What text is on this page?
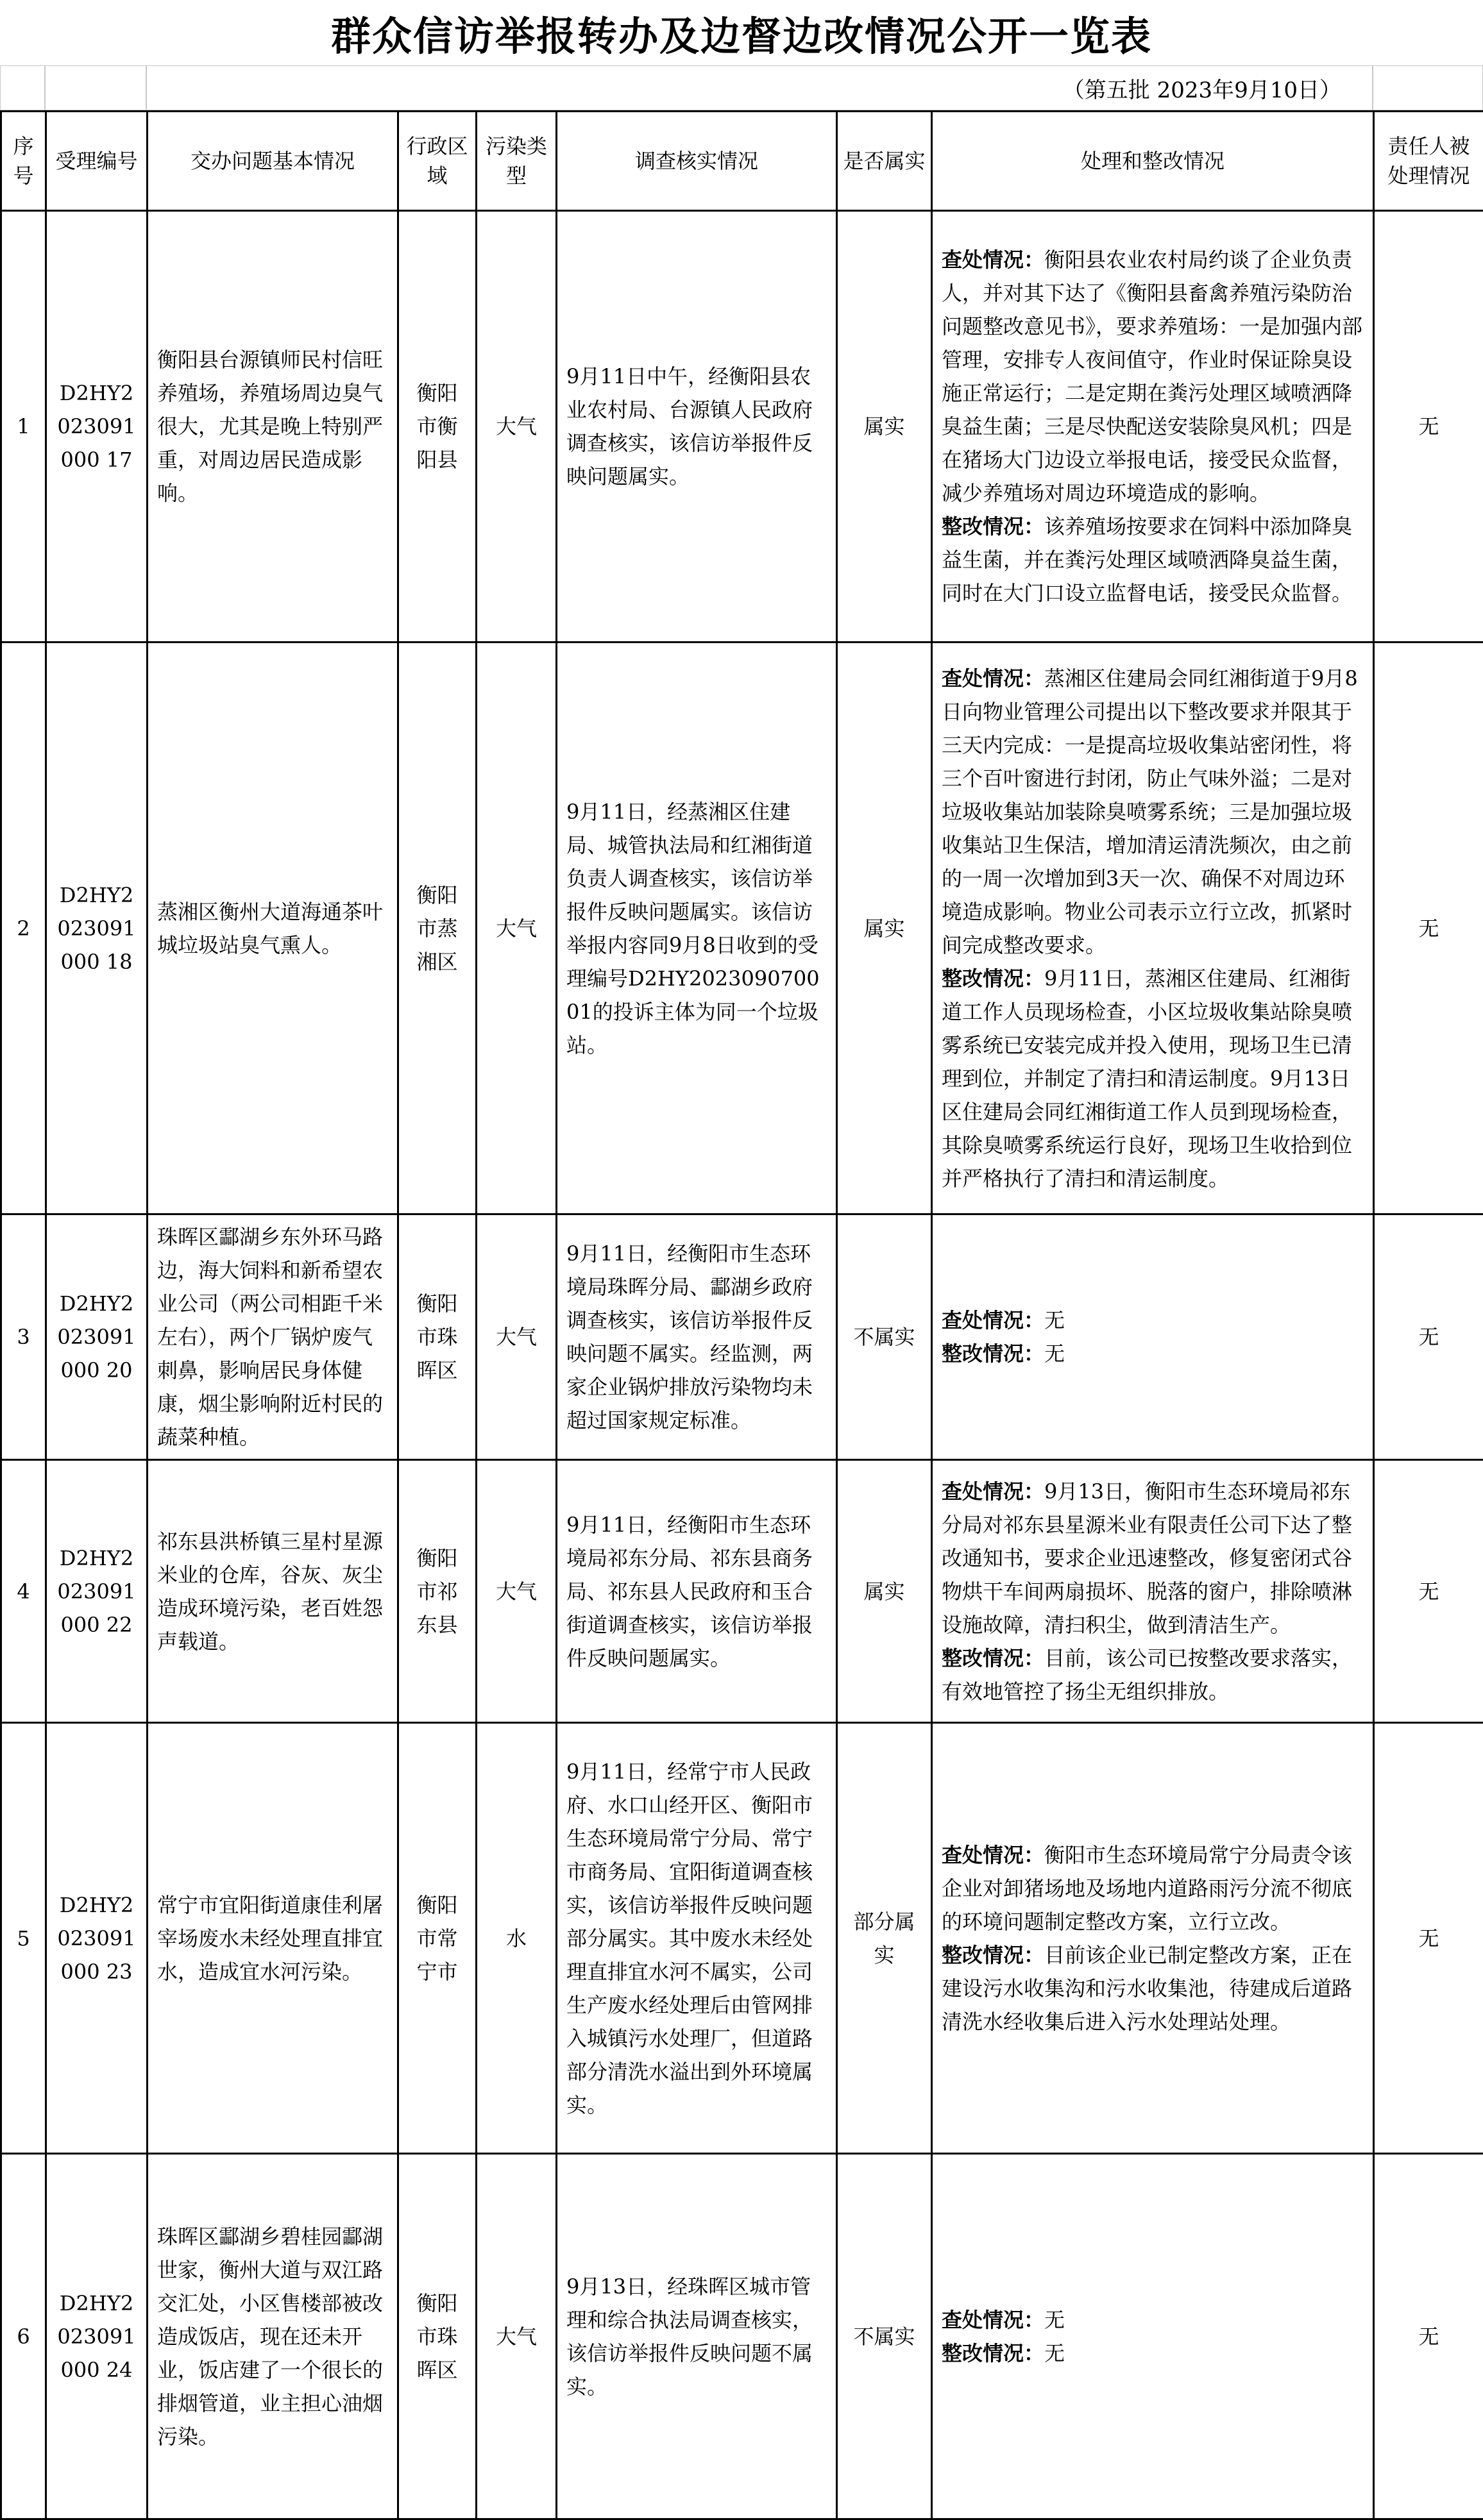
群众信访举报转办及边督边改情况公开一览表
（第五批 2023年9月10日）
序号	受理编号	交办问题基本情况	行政区域	污染类型	调查核实情况	是否属实	处理和整改情况	责任人被处理情况
1	D2HY2023091000 17	衡阳县台源镇师民村信旺养殖场，养殖场周边臭气很大，尤其是晚上特别严重，对周边居民造成影响。	衡阳市衡阳县	大气	9月11日中午，经衡阳县农业农村局、台源镇人民政府调查核实，该信访举报件反映问题属实。	属实	查处情况：衡阳县农业农村局约谈了企业负责人，并对其下达了《衡阳县畜禽养殖污染防治问题整改意见书》，要求养殖场：一是加强内部管理，安排专人夜间值守，作业时保证除臭设施正常运行；二是定期在粪污处理区域喷洒降臭益生菌；三是尽快配送安装除臭风机；四是在猪场大门边设立举报电话，接受民众监督，减少养殖场对周边环境造成的影响。
整改情况：该养殖场按要求在饲料中添加降臭益生菌，并在粪污处理区域喷洒降臭益生菌，同时在大门口设立监督电话，接受民众监督。	无
2	D2HY2023091000 18	蒸湘区衡州大道海通茶叶城垃圾站臭气熏人。	衡阳市蒸湘区	大气	9月11日，经蒸湘区住建局、城管执法局和红湘街道负责人调查核实，该信访举报件反映问题属实。该信访举报内容同9月8日收到的受理编号D2HY202309070001的投诉主体为同一个垃圾站。	属实	查处情况：蒸湘区住建局会同红湘街道于9月8日向物业管理公司提出以下整改要求并限其于三天内完成：一是提高垃圾收集站密闭性，将三个百叶窗进行封闭，防止气味外溢；二是对垃圾收集站加装除臭喷雾系统；三是加强垃圾收集站卫生保洁，增加清运清洗频次，由之前的一周一次增加到3天一次、确保不对周边环境造成影响。物业公司表示立行立改，抓紧时间完成整改要求。
整改情况：9月11日，蒸湘区住建局、红湘街道工作人员现场检查，小区垃圾收集站除臭喷雾系统已安装完成并投入使用，现场卫生已清理到位，并制定了清扫和清运制度。9月13日区住建局会同红湘街道工作人员到现场检查，其除臭喷雾系统运行良好，现场卫生收拾到位并严格执行了清扫和清运制度。	无
3	D2HY2023091000 20	珠晖区酃湖乡东外环马路边，海大饲料和新希望农业公司（两公司相距千米左右），两个厂锅炉废气刺鼻，影响居民身体健康，烟尘影响附近村民的蔬菜种植。	衡阳市珠晖区	大气	9月11日，经衡阳市生态环境局珠晖分局、酃湖乡政府调查核实，该信访举报件反映问题不属实。经监测，两家企业锅炉排放污染物均未超过国家规定标准。	不属实	查处情况：无
整改情况：无	无
4	D2HY2023091000 22	祁东县洪桥镇三星村星源米业的仓库，谷灰、灰尘造成环境污染，老百姓怨声载道。	衡阳市祁东县	大气	9月11日，经衡阳市生态环境局祁东分局、祁东县商务局、祁东县人民政府和玉合街道调查核实，该信访举报件反映问题属实。	属实	查处情况：9月13日，衡阳市生态环境局祁东分局对祁东县星源米业有限责任公司下达了整改通知书，要求企业迅速整改，修复密闭式谷物烘干车间两扇损坏、脱落的窗户，排除喷淋设施故障，清扫积尘，做到清洁生产。
整改情况：目前，该公司已按整改要求落实，有效地管控了扬尘无组织排放。	无
5	D2HY2023091000 23	常宁市宜阳街道康佳利屠宰场废水未经处理直排宜水，造成宜水河污染。	衡阳市常宁市	水	9月11日，经常宁市人民政府、水口山经开区、衡阳市生态环境局常宁分局、常宁市商务局、宜阳街道调查核实，该信访举报件反映问题部分属实。其中废水未经处理直排宜水河不属实，公司生产废水经处理后由管网排入城镇污水处理厂，但道路部分清洗水溢出到外环境属实。	部分属实	查处情况：衡阳市生态环境局常宁分局责令该企业对卸猪场地及场地内道路雨污分流不彻底的环境问题制定整改方案，立行立改。
整改情况：目前该企业已制定整改方案，正在建设污水收集沟和污水收集池，待建成后道路清洗水经收集后进入污水处理站处理。	无
6	D2HY2023091000 24	珠晖区酃湖乡碧桂园酃湖世家，衡州大道与双江路交汇处，小区售楼部被改造成饭店，现在还未开业，饭店建了一个很长的排烟管道，业主担心油烟污染。	衡阳市珠晖区	大气	9月13日，经珠晖区城市管理和综合执法局调查核实，该信访举报件反映问题不属实。	不属实	查处情况：无
整改情况：无	无
